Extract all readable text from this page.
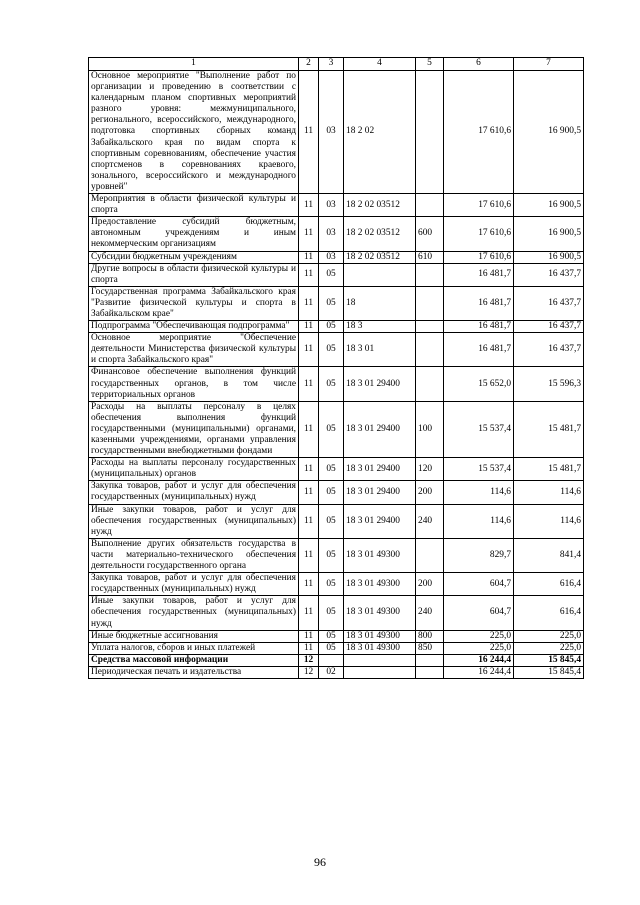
1	2	3	4	5	6	7
Основное мероприятие "Выполнение работ по организации и проведению в соответствии с календарным планом спортивных мероприятий разного уровня: межмуниципального, регионального, всероссийского, международного, подготовка спортивных сборных команд Забайкальского края по видам спорта к спортивным соревнованиям, обеспечение участия спортсменов в соревнованиях краевого, зонального, всероссийского и международного уровней"	11	03	18 2 02		17 610,6	16 900,5
Мероприятия в области физической культуры и спорта	11	03	18 2 02 03512		17 610,6	16 900,5
Предоставление субсидий бюджетным, автономным учреждениям и иным некоммерческим организациям	11	03	18 2 02 03512	600	17 610,6	16 900,5
Субсидии бюджетным учреждениям	11	03	18 2 02 03512	610	17 610,6	16 900,5
Другие вопросы в области физической культуры и спорта	11	05			16 481,7	16 437,7
Государственная программа Забайкальского края "Развитие физической культуры и спорта в Забайкальском крае"	11	05	18		16 481,7	16 437,7
Подпрограмма "Обеспечивающая подпрограмма"	11	05	18 3		16 481,7	16 437,7
Основное мероприятие "Обеспечение деятельности Министерства физической культуры и спорта Забайкальского края"	11	05	18 3 01		16 481,7	16 437,7
Финансовое обеспечение выполнения функций государственных органов, в том числе территориальных органов	11	05	18 3 01 29400		15 652,0	15 596,3
Расходы на выплаты персоналу в целях обеспечения выполнения функций государственными (муниципальными) органами, казенными учреждениями, органами управления государственными внебюджетными фондами	11	05	18 3 01 29400	100	15 537,4	15 481,7
Расходы на выплаты персоналу государственных (муниципальных) органов	11	05	18 3 01 29400	120	15 537,4	15 481,7
Закупка товаров, работ и услуг для обеспечения государственных (муниципальных) нужд	11	05	18 3 01 29400	200	114,6	114,6
Иные закупки товаров, работ и услуг для обеспечения государственных (муниципальных) нужд	11	05	18 3 01 29400	240	114,6	114,6
Выполнение других обязательств государства в части материально-технического обеспечения деятельности государственного органа	11	05	18 3 01 49300		829,7	841,4
Закупка товаров, работ и услуг для обеспечения государственных (муниципальных) нужд	11	05	18 3 01 49300	200	604,7	616,4
Иные закупки товаров, работ и услуг для обеспечения государственных (муниципальных) нужд	11	05	18 3 01 49300	240	604,7	616,4
Иные бюджетные ассигнования	11	05	18 3 01 49300	800	225,0	225,0
Уплата налогов, сборов и иных платежей	11	05	18 3 01 49300	850	225,0	225,0
Средства массовой информации	12				16 244,4	15 845,4
Периодическая печать и издательства	12	02			16 244,4	15 845,4
96
